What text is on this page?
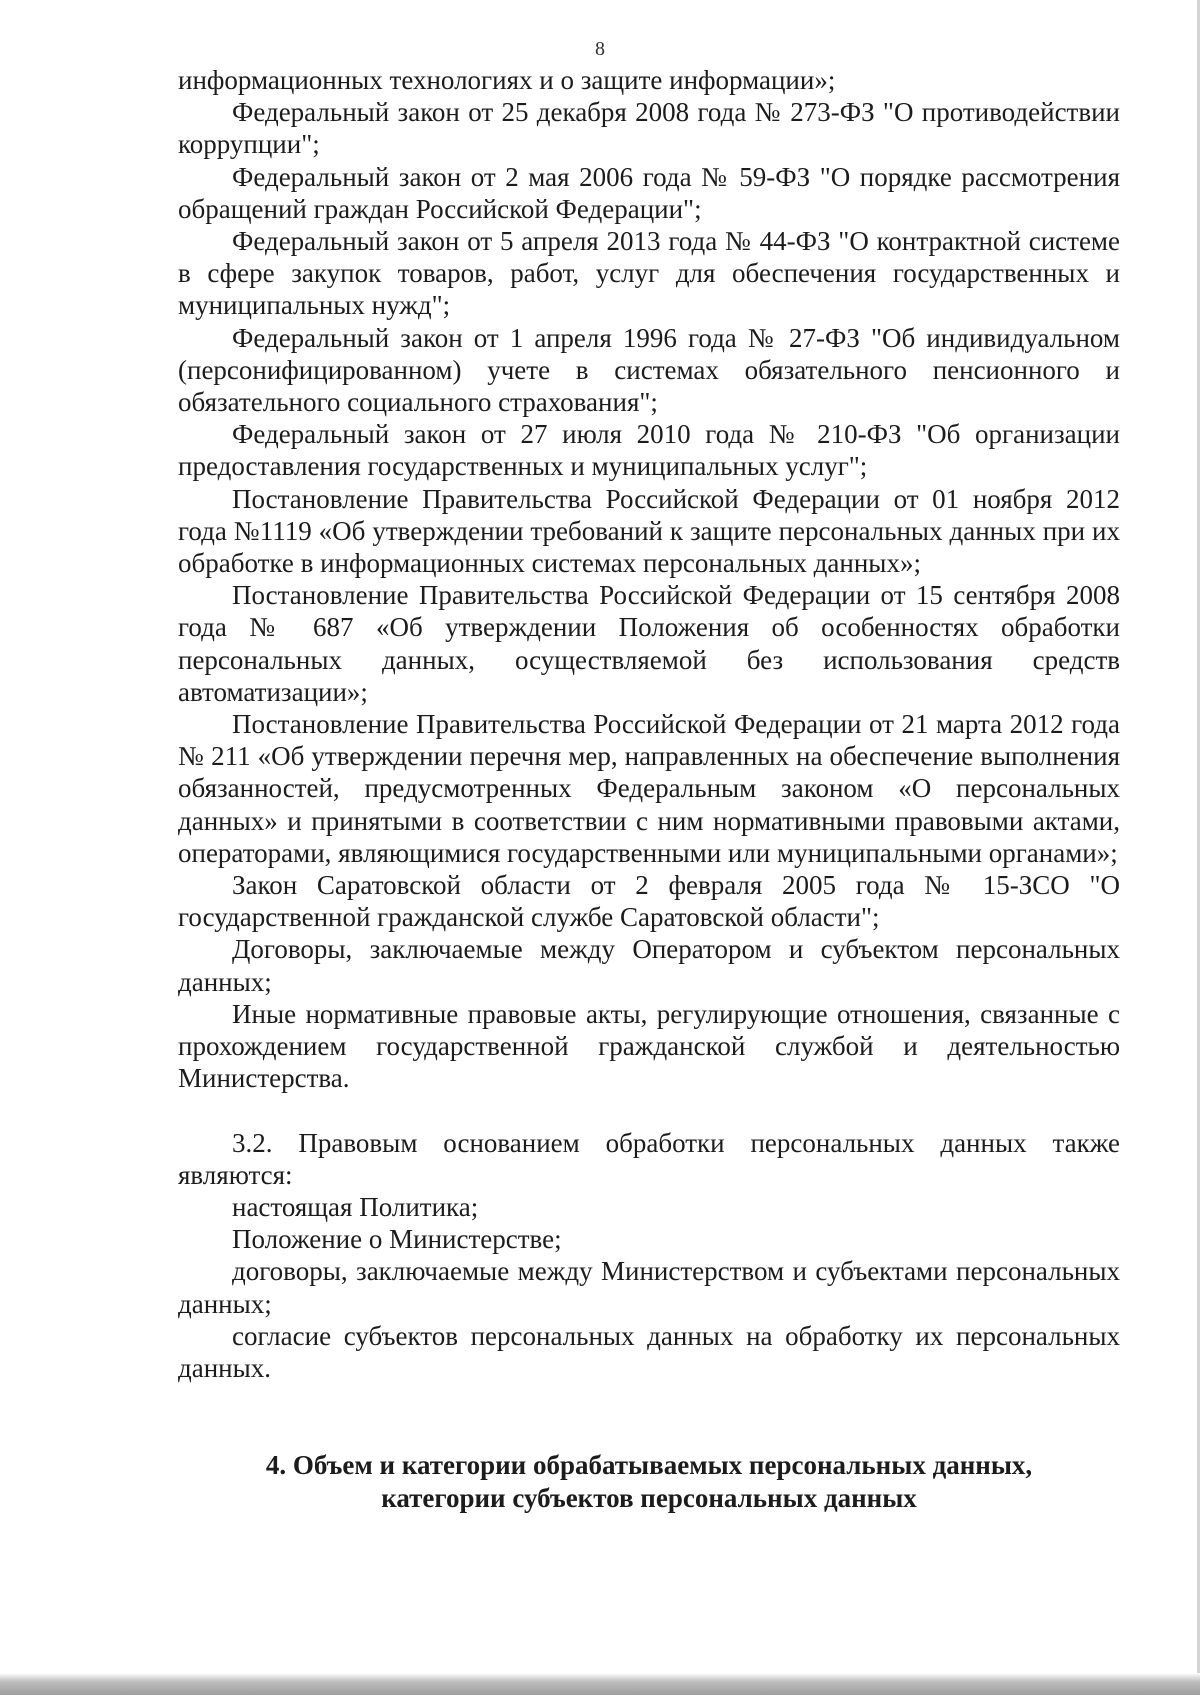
8

информационных технологиях и о защите информации»;

Федеральный закон от 25 декабря 2008 года № 273-ФЗ "О противодействии коррупции";

Федеральный закон от 2 мая 2006 года № 59-ФЗ "О порядке рассмотрения обращений граждан Российской Федерации";

Федеральный закон от 5 апреля 2013 года № 44-ФЗ "О контрактной системе в сфере закупок товаров, работ, услуг для обеспечения государственных и муниципальных нужд";

Федеральный закон от 1 апреля 1996 года № 27-ФЗ "Об индивидуальном (персонифицированном) учете в системах обязательного пенсионного и обязательного социального страхования";

Федеральный закон от 27 июля 2010 года № 210-ФЗ "Об организации предоставления государственных и муниципальных услуг";

Постановление Правительства Российской Федерации от 01 ноября 2012 года №1119 «Об утверждении требований к защите персональных данных при их обработке в информационных системах персональных данных»;

Постановление Правительства Российской Федерации от 15 сентября 2008 года № 687 «Об утверждении Положения об особенностях обработки персональных данных, осуществляемой без использования средств автоматизации»;

Постановление Правительства Российской Федерации от 21 марта 2012 года № 211 «Об утверждении перечня мер, направленных на обеспечение выполнения обязанностей, предусмотренных Федеральным законом «О персональных данных» и принятыми в соответствии с ним нормативными правовыми актами, операторами, являющимися государственными или муниципальными органами»;

Закон Саратовской области от 2 февраля 2005 года № 15-ЗСО "О государственной гражданской службе Саратовской области";

Договоры, заключаемые между Оператором и субъектом персональных данных;

Иные нормативные правовые акты, регулирующие отношения, связанные с прохождением государственной гражданской службой и деятельностью Министерства.

3.2. Правовым основанием обработки персональных данных также являются:

настоящая Политика;

Положение о Министерстве;

договоры, заключаемые между Министерством и субъектами персональных данных;

согласие субъектов персональных данных на обработку их персональных данных.

4. Объем и категории обрабатываемых персональных данных,
категории субъектов персональных данных
